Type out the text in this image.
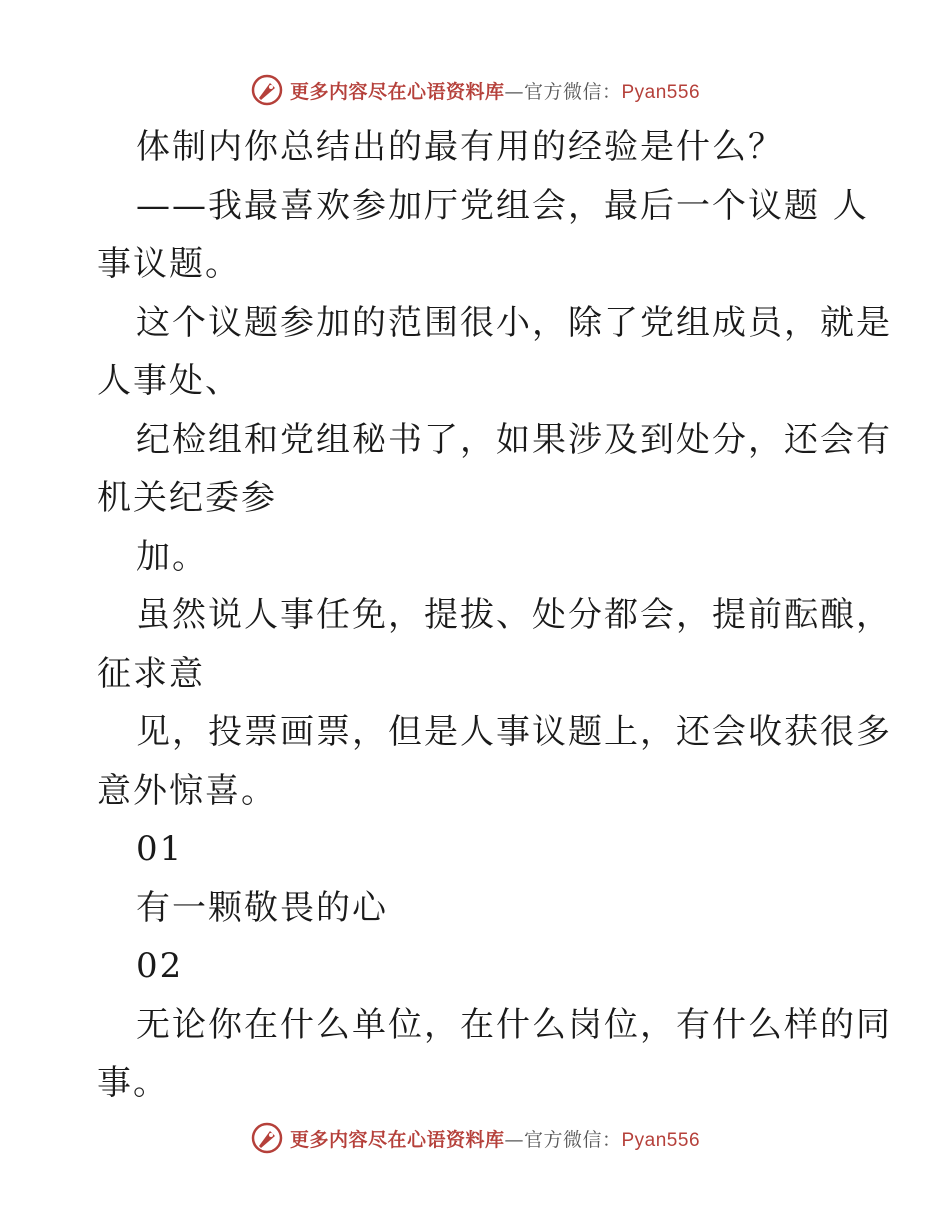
更多内容尽在心语资料库—官方微信：Pyan556
体制内你总结出的最有用的经验是什么？
——我最喜欢参加厅党组会，最后一个议题 人
事议题。
这个议题参加的范围很小，除了党组成员，就是
人事处、
纪检组和党组秘书了，如果涉及到处分，还会有
机关纪委参
加。
虽然说人事任免，提拔、处分都会，提前酝酿，
征求意
见，投票画票，但是人事议题上，还会收获很多
意外惊喜。
01
有一颗敬畏的心
02
无论你在什么单位，在什么岗位，有什么样的同
事。
更多内容尽在心语资料库—官方微信：Pyan556
